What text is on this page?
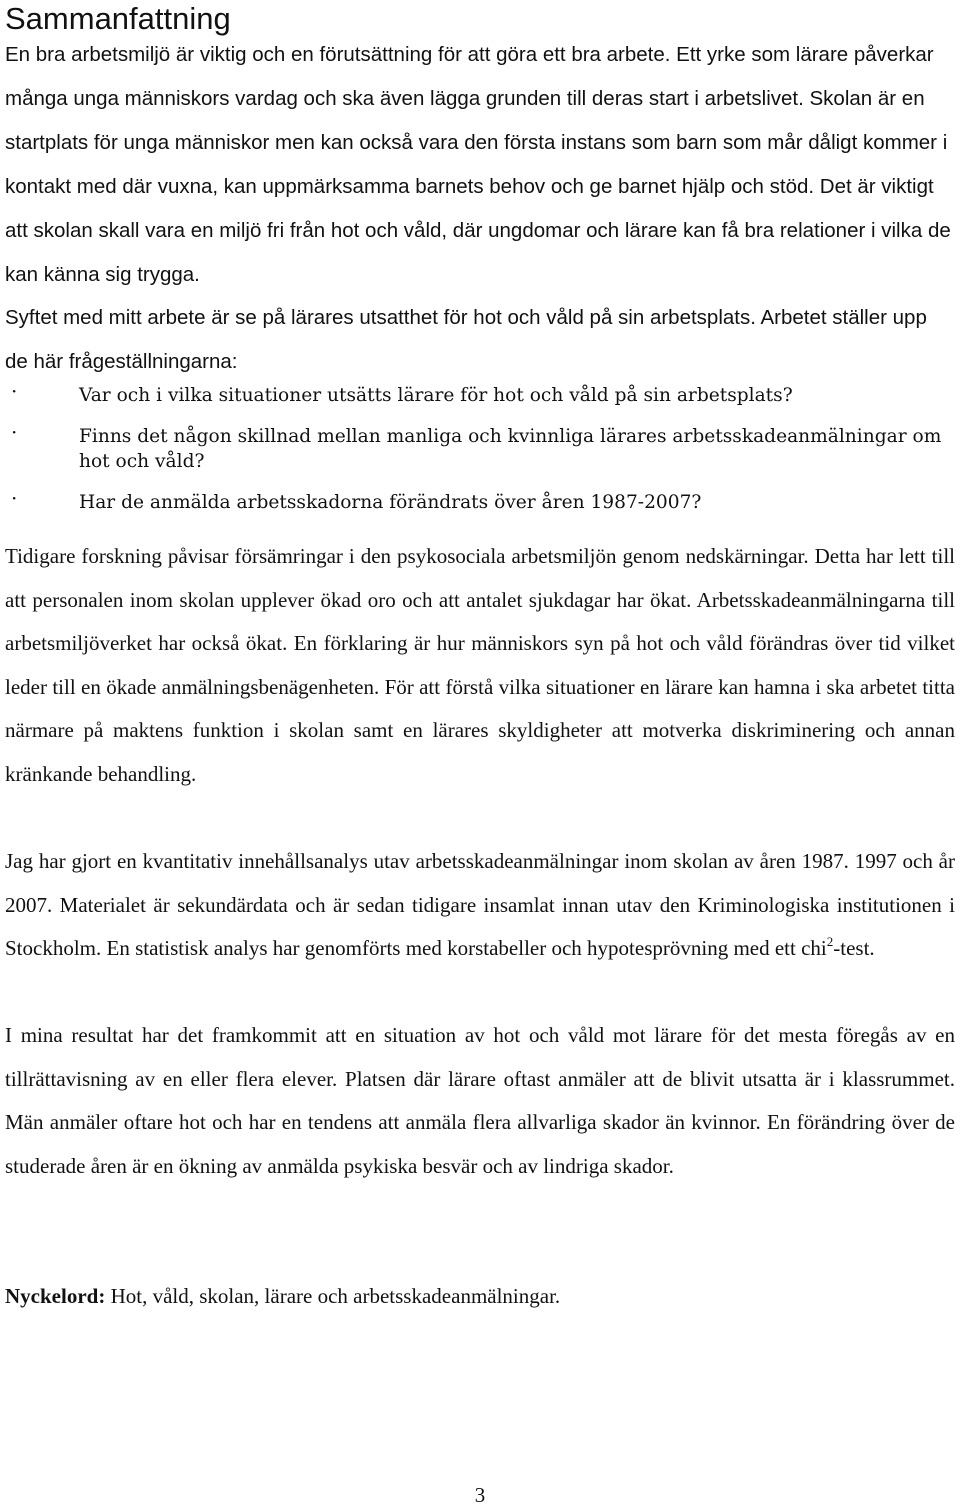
Sammanfattning

En bra arbetsmiljö är viktig och en förutsättning för att göra ett bra arbete. Ett yrke som lärare påverkar många unga människors vardag och ska även lägga grunden till deras start i arbetslivet. Skolan är en startplats för unga människor men kan också vara den första instans som barn som mår dåligt kommer i kontakt med där vuxna, kan uppmärksamma barnets behov och ge barnet hjälp och stöd. Det är viktigt att skolan skall vara en miljö fri från hot och våld, där ungdomar och lärare kan få bra relationer i vilka de kan känna sig trygga.

Syftet med mitt arbete är se på lärares utsatthet för hot och våld på sin arbetsplats. Arbetet ställer upp de här frågeställningarna:

·	Var och i vilka situationer utsätts lärare för hot och våld på sin arbetsplats?
·	Finns det någon skillnad mellan manliga och kvinnliga lärares arbetsskadeanmälningar om hot och våld?
·	Har de anmälda arbetsskadorna förändrats över åren 1987-2007?

Tidigare forskning påvisar försämringar i den psykosociala arbetsmiljön genom nedskärningar. Detta har lett till att personalen inom skolan upplever ökad oro och att antalet sjukdagar har ökat. Arbetsskadeanmälningarna till arbetsmiljöverket har också ökat. En förklaring är hur människors syn på hot och våld förändras över tid vilket leder till en ökade anmälningsbenägenheten. För att förstå vilka situationer en lärare kan hamna i ska arbetet titta närmare på maktens funktion i skolan samt en lärares skyldigheter att motverka diskriminering och annan kränkande behandling.

Jag har gjort en kvantitativ innehållsanalys utav arbetsskadeanmälningar inom skolan av åren 1987. 1997 och år 2007. Materialet är sekundärdata och är sedan tidigare insamlat innan utav den Kriminologiska institutionen i Stockholm. En statistisk analys har genomförts med korstabeller och hypotesprövning med ett chi$^2$-test.

I mina resultat har det framkommit att en situation av hot och våld mot lärare för det mesta föregås av en tillrättavisning av en eller flera elever. Platsen där lärare oftast anmäler att de blivit utsatta är i klassrummet. Män anmäler oftare hot och har en tendens att anmäla flera allvarliga skador än kvinnor. En förändring över de studerade åren är en ökning av anmälda psykiska besvär och av lindriga skador.

Nyckelord: Hot, våld, skolan, lärare och arbetsskadeanmälningar.

3
